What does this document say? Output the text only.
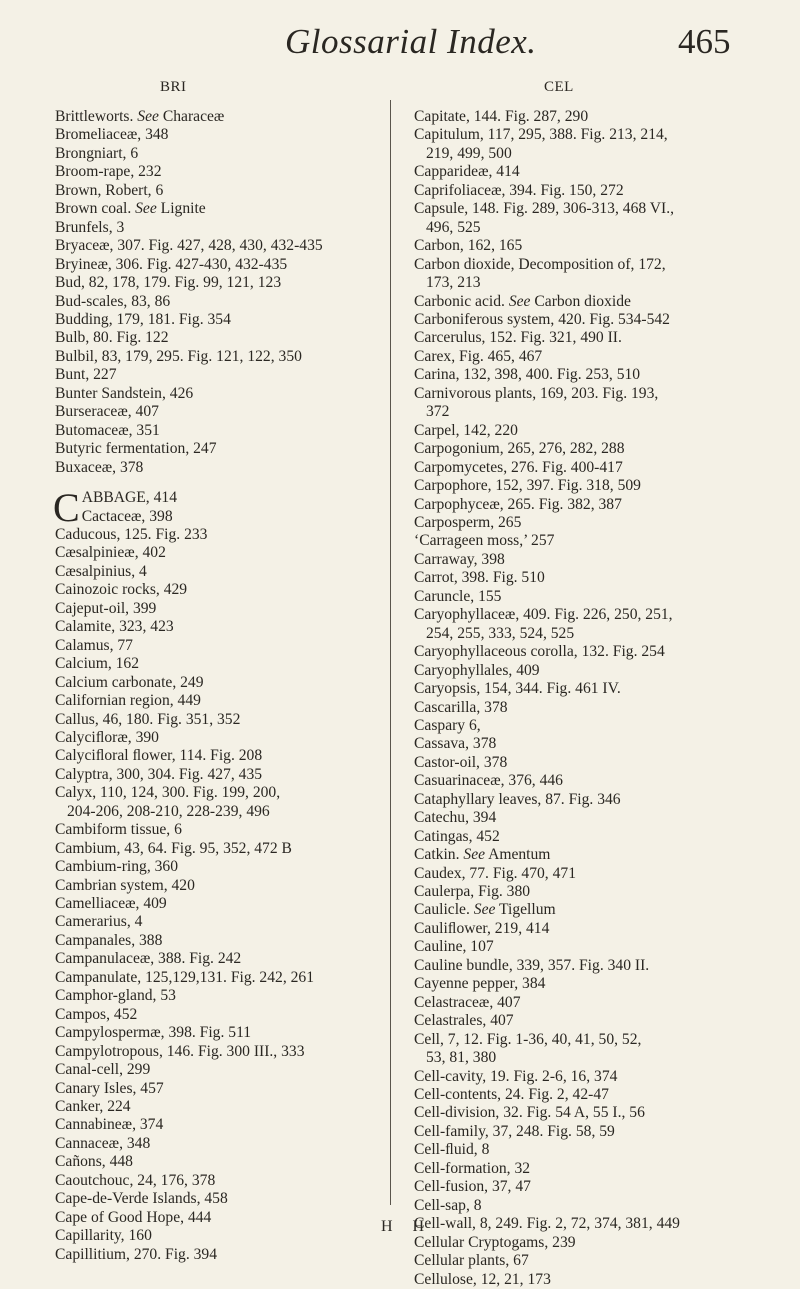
Glossarial Index.	465
BRI
Brittleworts. See Characeæ
Bromeliaceæ, 348
Brongniart, 6
Broom-rape, 232
Brown, Robert, 6
Brown coal. See Lignite
Brunfels, 3
Bryaceæ, 307. Fig. 427, 428, 430, 432-435
Bryineæ, 306. Fig. 427-430, 432-435
Bud, 82, 178, 179. Fig. 99, 121, 123
Bud-scales, 83, 86
Budding, 179, 181. Fig. 354
Bulb, 80. Fig. 122
Bulbil, 83, 179, 295. Fig. 121, 122, 350
Bunt, 227
Bunter Sandstein, 426
Burseraceæ, 407
Butomaceæ, 351
Butyric fermentation, 247
Buxaceæ, 378
C ABBAGE, 414
Cactaceæ, 398
Caducous, 125. Fig. 233
Cæsalpinieæ, 402
Cæsalpinius, 4
Cainozoic rocks, 429
Cajeput-oil, 399
Calamite, 323, 423
Calamus, 77
Calcium, 162
Calcium carbonate, 249
Californian region, 449
Callus, 46, 180. Fig. 351, 352
Calyciﬂoræ, 390
Calyciﬂoral ﬂower, 114. Fig. 208
Calyptra, 300, 304. Fig. 427, 435
Calyx, 110, 124, 300. Fig. 199, 200,
204-206, 208-210, 228-239, 496
Cambiform tissue, 6
Cambium, 43, 64. Fig. 95, 352, 472 B
Cambium-ring, 360
Cambrian system, 420
Camelliaceæ, 409
Camerarius, 4
Campanales, 388
Campanulaceæ, 388. Fig. 242
Campanulate, 125,129,131. Fig. 242, 261
Camphor-gland, 53
Campos, 452
Campylospermæ, 398. Fig. 511
Campylotropous, 146. Fig. 300 III., 333
Canal-cell, 299
Canary Isles, 457
Canker, 224
Cannabineæ, 374
Cannaceæ, 348
Cañons, 448
Caoutchouc, 24, 176, 378
Cape-de-Verde Islands, 458
Cape of Good Hope, 444
Capillarity, 160
Capillitium, 270. Fig. 394
CEL
Capitate, 144. Fig. 287, 290
Capitulum, 117, 295, 388. Fig. 213, 214,
219, 499, 500
Capparideæ, 414
Caprifoliaceæ, 394. Fig. 150, 272
Capsule, 148. Fig. 289, 306-313, 468 VI.,
496, 525
Carbon, 162, 165
Carbon dioxide, Decomposition of, 172,
173, 213
Carbonic acid. See Carbon dioxide
Carboniferous system, 420. Fig. 534-542
Carcerulus, 152. Fig. 321, 490 II.
Carex, Fig. 465, 467
Carina, 132, 398, 400. Fig. 253, 510
Carnivorous plants, 169, 203. Fig. 193,
372
Carpel, 142, 220
Carpogonium, 265, 276, 282, 288
Carpomycetes, 276. Fig. 400-417
Carpophore, 152, 397. Fig. 318, 509
Carpophyceæ, 265. Fig. 382, 387
Carposperm, 265
‘Carrageen moss,’ 257
Carraway, 398
Carrot, 398. Fig. 510
Caruncle, 155
Caryophyllaceæ, 409. Fig. 226, 250, 251,
254, 255, 333, 524, 525
Caryophyllaceous corolla, 132. Fig. 254
Caryophyllales, 409
Caryopsis, 154, 344. Fig. 461 IV.
Cascarilla, 378
Caspary 6,
Cassava, 378
Castor-oil, 378
Casuarinaceæ, 376, 446
Cataphyllary leaves, 87. Fig. 346
Catechu, 394
Catingas, 452
Catkin. See Amentum
Caudex, 77. Fig. 470, 471
Caulerpa, Fig. 380
Caulicle. See Tigellum
Cauliﬂower, 219, 414
Cauline, 107
Cauline bundle, 339, 357. Fig. 340 II.
Cayenne pepper, 384
Celastraceæ, 407
Celastrales, 407
Cell, 7, 12. Fig. 1-36, 40, 41, 50, 52,
53, 81, 380
Cell-cavity, 19. Fig. 2-6, 16, 374
Cell-contents, 24. Fig. 2, 42-47
Cell-division, 32. Fig. 54 A, 55 I., 56
Cell-family, 37, 248. Fig. 58, 59
Cell-ﬂuid, 8
Cell-formation, 32
Cell-fusion, 37, 47
Cell-sap, 8
Cell-wall, 8, 249. Fig. 2, 72, 374, 381, 449
Cellular Cryptogams, 239
Cellular plants, 67
Cellulose, 12, 21, 173
H H
